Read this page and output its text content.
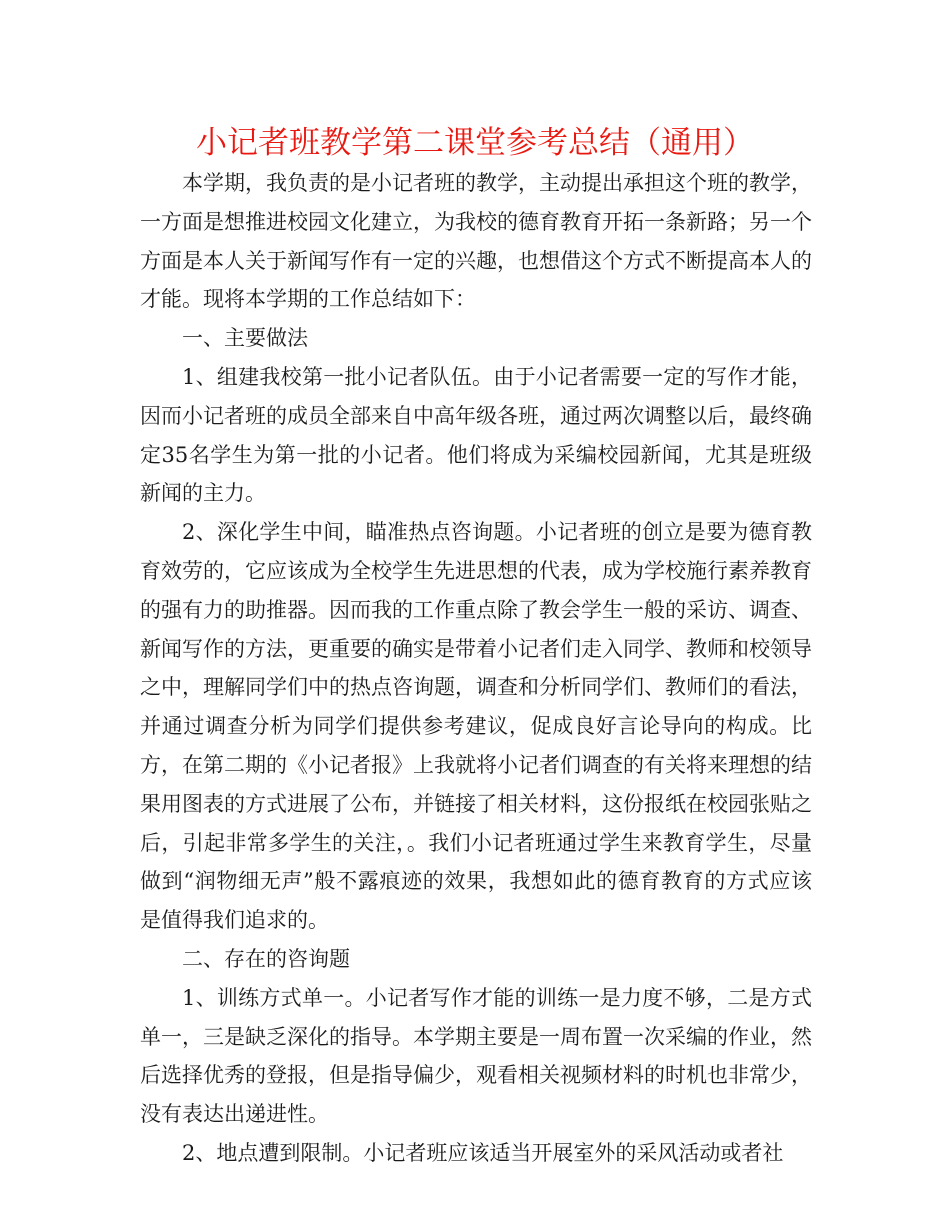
小记者班教学第二课堂参考总结（通用）

本学期，我负责的是小记者班的教学，主动提出承担这个班的教学，一方面是想推进校园文化建立，为我校的德育教育开拓一条新路；另一个方面是本人关于新闻写作有一定的兴趣，也想借这个方式不断提高本人的才能。现将本学期的工作总结如下：

一、主要做法

1、组建我校第一批小记者队伍。由于小记者需要一定的写作才能，因而小记者班的成员全部来自中高年级各班，通过两次调整以后，最终确定35名学生为第一批的小记者。他们将成为采编校园新闻，尤其是班级新闻的主力。

2、深化学生中间，瞄准热点咨询题。小记者班的创立是要为德育教育效劳的，它应该成为全校学生先进思想的代表，成为学校施行素养教育的强有力的助推器。因而我的工作重点除了教会学生一般的采访、调查、新闻写作的方法，更重要的确实是带着小记者们走入同学、教师和校领导之中，理解同学们中的热点咨询题，调查和分析同学们、教师们的看法，并通过调查分析为同学们提供参考建议，促成良好言论导向的构成。比方，在第二期的《小记者报》上我就将小记者们调查的有关将来理想的结果用图表的方式进展了公布，并链接了相关材料，这份报纸在校园张贴之后，引起非常多学生的关注，。我们小记者班通过学生来教育学生，尽量做到“润物细无声”般不露痕迹的效果，我想如此的德育教育的方式应该是值得我们追求的。

二、存在的咨询题

1、训练方式单一。小记者写作才能的训练一是力度不够，二是方式单一，三是缺乏深化的指导。本学期主要是一周布置一次采编的作业，然后选择优秀的登报，但是指导偏少，观看相关视频材料的时机也非常少，没有表达出递进性。

2、地点遭到限制。小记者班应该适当开展室外的采风活动或者社
